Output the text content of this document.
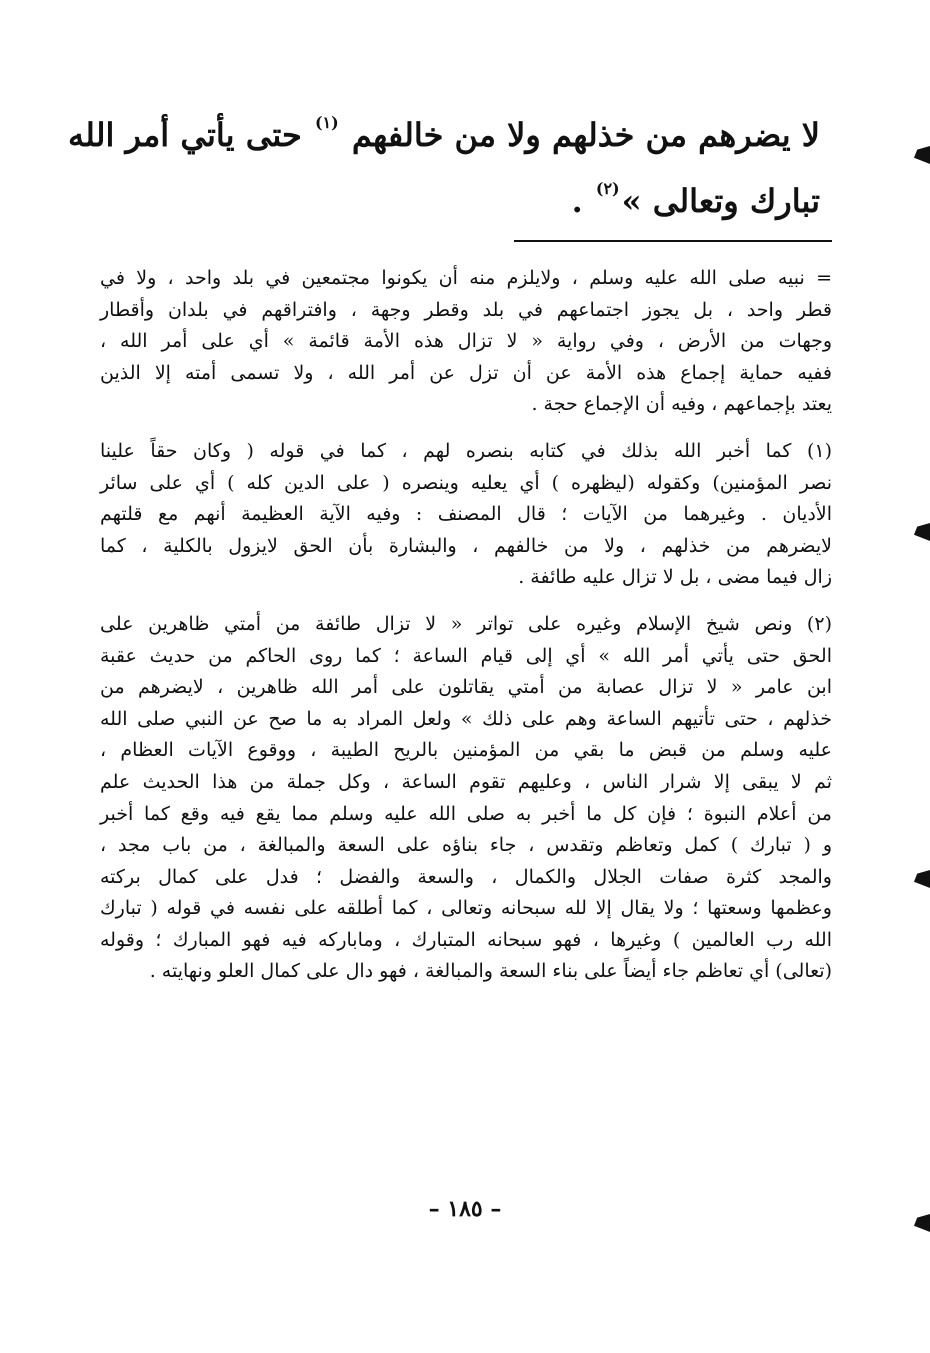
لا يضرهم من خذلهم ولا من خالفهم $^{(١)}$ حتى يأتي أمر الله
تبارك وتعالى »$^{(٢)}$ .
= نبيه صلى الله عليه وسلم ، ولايلزم منه أن يكونوا مجتمعين في بلد واحد ، ولا في
قطر واحد ، بل يجوز اجتماعهم في بلد وقطر وجهة ، وافتراقهم في بلدان وأقطار
وجهات من الأرض ، وفي رواية « لا تزال هذه الأمة قائمة » أي على أمر الله ،
ففيه حماية إجماع هذه الأمة عن أن تزل عن أمر الله ، ولا تسمى أمته إلا الذين
يعتد بإجماعهم ، وفيه أن الإجماع حجة .
(١) كما أخبر الله بذلك في كتابه بنصره لهم ، كما في قوله ( وكان حقاً علينا
نصر المؤمنين) وكقوله (ليظهره ) أي يعليه وينصره ( على الدين كله ) أي على سائر
الأديان . وغيرهما من الآيات ؛ قال المصنف : وفيه الآية العظيمة أنهم مع قلتهم
لايضرهم من خذلهم ، ولا من خالفهم ، والبشارة بأن الحق لايزول بالكلية ، كما
زال فيما مضى ، بل لا تزال عليه طائفة .
(٢) ونص شيخ الإسلام وغيره على تواتر « لا تزال طائفة من أمتي ظاهرين على
الحق حتى يأتي أمر الله » أي إلى قيام الساعة ؛ كما روى الحاكم من حديث عقبة
ابن عامر « لا تزال عصابة من أمتي يقاتلون على أمر الله ظاهرين ، لايضرهم من
خذلهم ، حتى تأتيهم الساعة وهم على ذلك » ولعل المراد به ما صح عن النبي صلى الله
عليه وسلم من قبض ما بقي من المؤمنين بالريح الطيبة ، ووقوع الآيات العظام ،
ثم لا يبقى إلا شرار الناس ، وعليهم تقوم الساعة ، وكل جملة من هذا الحديث علم
من أعلام النبوة ؛ فإن كل ما أخبر به صلى الله عليه وسلم مما يقع فيه وقع كما أخبر
و ( تبارك ) كمل وتعاظم وتقدس ، جاء بناؤه على السعة والمبالغة ، من باب مجد ،
والمجد كثرة صفات الجلال والكمال ، والسعة والفضل ؛ فدل على كمال بركته
وعظمها وسعتها ؛ ولا يقال إلا لله سبحانه وتعالى ، كما أطلقه على نفسه في قوله ( تبارك
الله رب العالمين ) وغيرها ، فهو سبحانه المتبارك ، وماباركه فيه فهو المبارك ؛ وقوله
(تعالى) أي تعاظم جاء أيضاً على بناء السعة والمبالغة ، فهو دال على كمال العلو ونهايته .
– ١٨٥ –
